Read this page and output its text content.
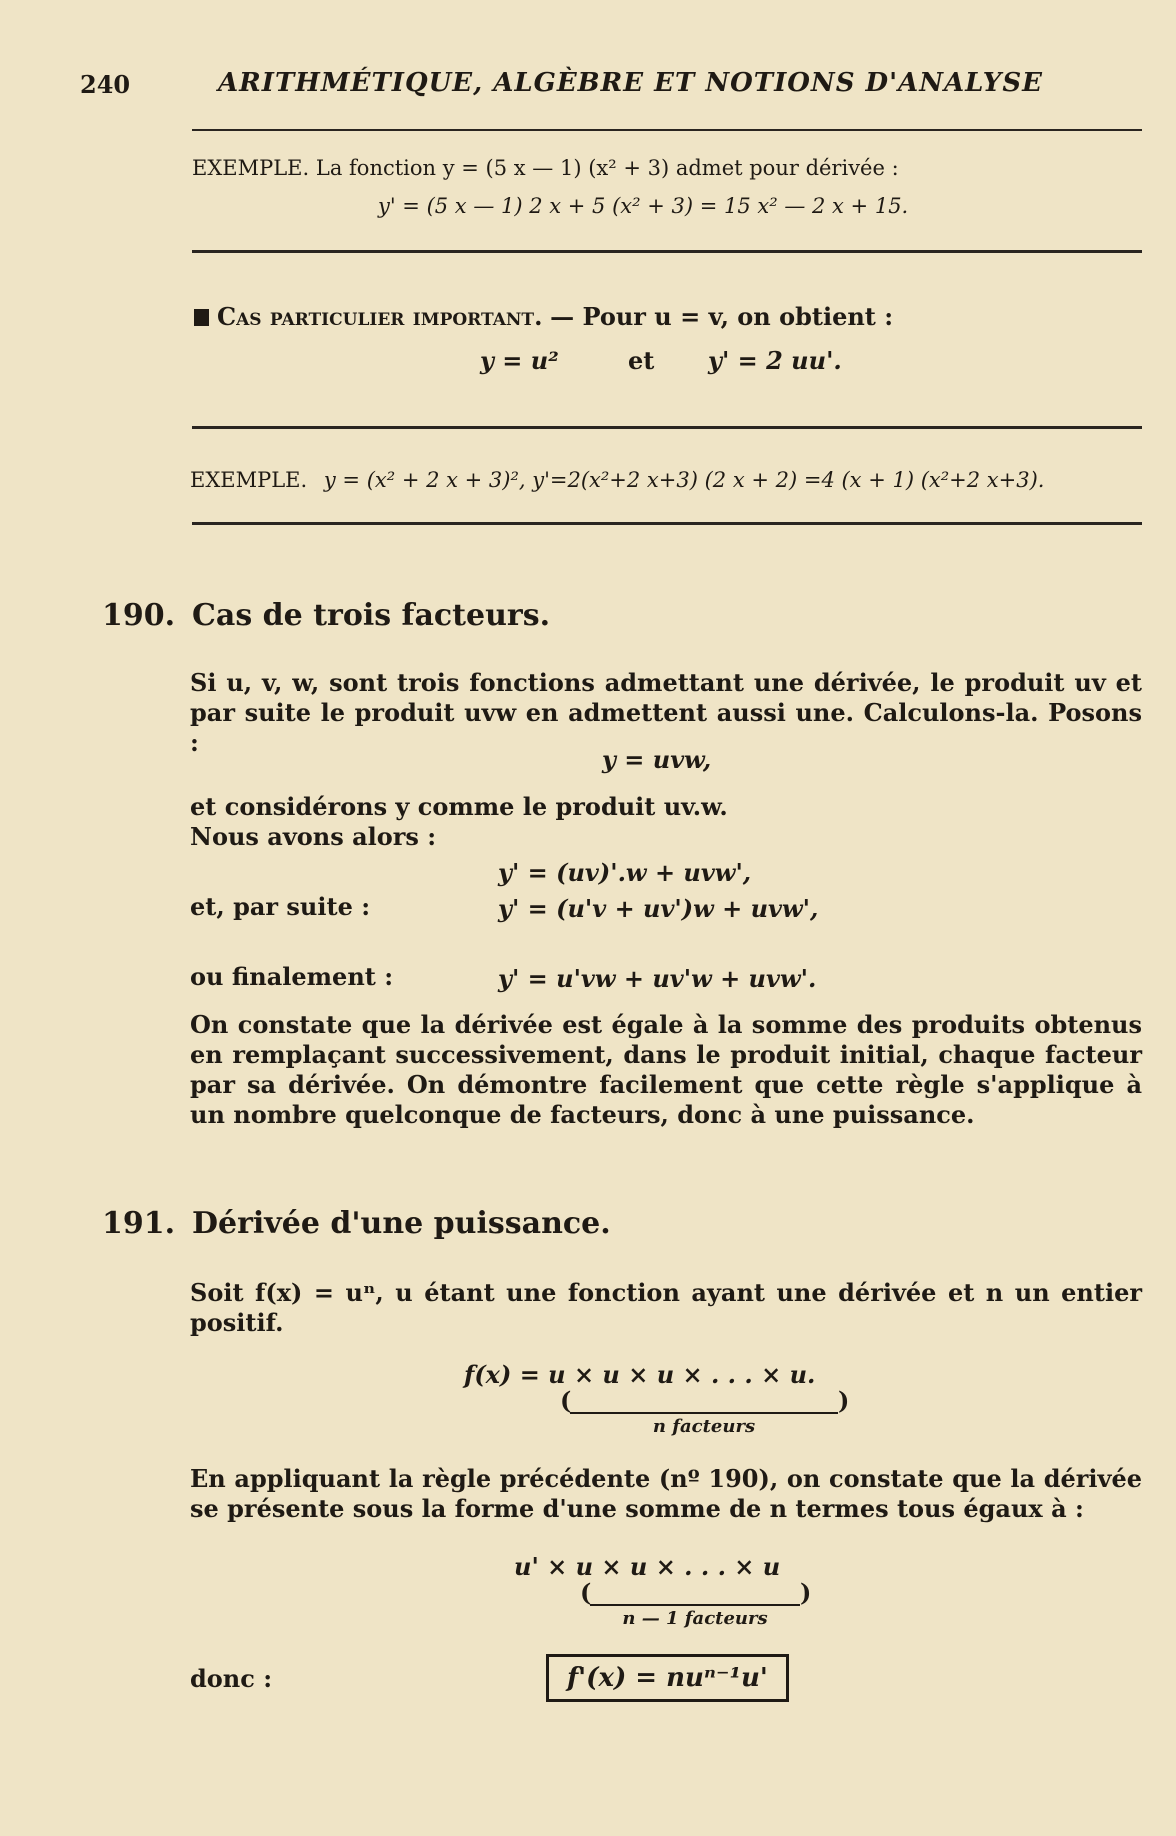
240	ARITHMÉTIQUE, ALGÈBRE ET NOTIONS D'ANALYSE
EXEMPLE. La fonction y = (5 x — 1) (x² + 3) admet pour dérivée :
y' = (5 x — 1) 2 x + 5 (x² + 3) = 15 x² — 2 x + 15.
Cas particulier important. — Pour u = v, on obtient :
y = u²	et y' = 2 uu'.
EXEMPLE. y = (x² + 2 x + 3)², y'=2(x²+2 x+3) (2 x + 2) =4 (x + 1) (x²+2 x+3).
190. Cas de trois facteurs.
Si u, v, w, sont trois fonctions admettant une dérivée, le produit uv et par suite le produit uvw en admettent aussi une. Calculons-la. Posons :
y = uvw,
et considérons y comme le produit uv.w.
Nous avons alors :
y' = (uv)'.w + uvw',
et, par suite :	y' = (u'v + uv')w + uvw',
ou finalement :	y' = u'vw + uv'w + uvw'.
On constate que la dérivée est égale à la somme des produits obtenus en remplaçant successivement, dans le produit initial, chaque facteur par sa dérivée. On démontre facilement que cette règle s'applique à un nombre quelconque de facteurs, donc à une puissance.
191. Dérivée d'une puissance.
Soit f(x) = uⁿ, u étant une fonction ayant une dérivée et n un entier positif.
f(x) = u × u × u × . . . × u.
(	)
n facteurs
En appliquant la règle précédente (nº 190), on constate que la dérivée se présente sous la forme d'une somme de n termes tous égaux à :
u' × u × u × . . . × u
(	)
n — 1 facteurs
donc :	f'(x) = nuⁿ⁻¹u'
